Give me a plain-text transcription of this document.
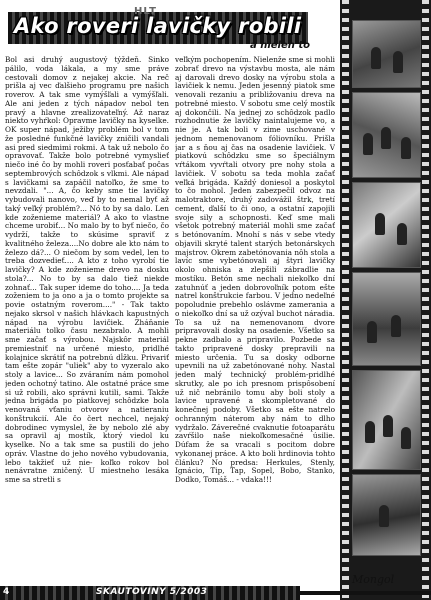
HLT
Ako roveri lavičky robili
a nielen to
Bol asi druhý augustový týždeň. Sinko pálilo, voda lákala, a my sme práve cestovali domov z nejakej akcie. Na reč prišla aj vec ďalšieho programu pre našich roverov. A tak sme vymýšľali a vymýšľali. Ale ani jeden z tých nápadov nebol ten pravý a hlavne zrealizovateľný. Až naraz niekto vyhŕkol: Opravme lavičky na kyselke. OK super nápad, ježiby problém bol v tom že posledné funkčné lavičky zničili vandali asi pred siedmimi rokmi. A tak už nebolo čo opravovať. Takže bolo potrebné vymyslieť niečo iné čo by mohli roveri posťabať počas septembrových schôdzok s vlkmi. Ale nápad s lavičkami sa zapáčil natoľko, že sme to nevzdali. "... A, čo keby sme tie lavičky vybudovali nanovo, veď by to nemal byť až taký veľký problém?... Nó to by sa dalo. Len kde zoženieme materiál? A ako to vlastne chceme urobiť... No malo by to byť niečo, čo vydrží, takže to skúsime spraviť z kvalitného železa....No dobre ale kto nám to železo dá?... O niečom by som vedel, len to treba dozvedieť.... A kto z toho vyrobí tie lavičky? A kde zoženieme drevo na dosku stola?... No to by sa dalo tiež niekde zohnať... Tak super ideme do toho.... Ja teda zoženiem to ja ono a ja o tomto projekte sa povie ostatným roverom...." - Tak takto nejako skrsol v našich hlávkach kapustných nápad na výrobu lavičiek. Zháňanie materiálu tolko času nezabralo. A mohli sme začať s výrobou. Najskôr materiál premiestniť na určené miesto, pridlhé kolajnice skrátiť na potrebnú dĺžku. Privariť tam ešte zopár "uliek" aby to vyzeralo ako stoly a lavice... So zváraním nám pomohol jeden ochotný tatino. Ale ostatné práce sme si už robili, ako správni kutili, sami. Takže jedna brigáda po piatkovej schôdzke bola venovaná vťaniu otvorov a natieraniu konštrukcií. Ale čo čert nechcel, nejaký dobrodinec vymyslel, že by nebolo zlé aby sa opravil aj mostík, ktorý viedol ku kyselke. No a tak sme sa pustili do jeho opráv. Vlastne do jeho nového vybudovania, lebo takžieť už nie- koľko rokov bol nenávratne zničený. U miestneho lesáka sme sa stretli s
veľkým pochopením. Nielenže sme si mohli zobrať drevo na výstavbu mosta, ale nám aj darovali drevo dosky na výrobu stola a lavičiek k nemu. Jeden jesenný piatok sme venovali rezaniu a približovaniu dreva na potrebné miesto. V sobotu sme celý mostík aj dokončili. Na jednej zo schôdzok padlo rozhodnutie že lavičky naintalujeme vo, a nie je. A tak boli v zime uschované v jednom nemenovanom fóliovníku. Prišla jar a s ňou aj čas na osadenie lavičiek. V piatkovú schôdzku sme so špeciálnym vŕtákom vyvŕtali otvory pre nohy stola a lavičiek. V sobotu sa teda mohla začať veľká brigáda. Každý doniesol a poskytol to čo mohol. Jeden zabezpečil odvoz na malotraktore, druhý zadovážil štrk, tretí cement, ďalší to či ono, a ostatní zapojili svoje sily a schopnosti. Keď sme mali všetok potrebný materiál mohli sme začať s betónovaním. Mnohí s nás v sebe vtedy objavili skryté talent starých betonárskych majstrov. Okrem zabetónovania nôh stola a lavíc sme vybetónovali aj štyri lavičky okolo ohniska a zlepšili zábradlie na mostíku. Betón sme nechali niekoľko dní zatuhnúť a jeden dobrovoľník potom ešte natrel konštrukcie farbou. V jedno nedeľné popoludnie prebehlo oslávme zamerania a o niekoľko dní sa už ozýval buchot náradia. To sa už na nemenovanom dvore pripravovali dosky na osadenie. Všetko sa pekne zadbalo a pripravilo. Pozbede sa takto pripravené dosky prepravili na miesto určenia. Tu sa dosky odborne upevnili na už zabetónované nohy. Nastal jeden malý technický problém-pridlhé skrutky, ale po ich presnom prispôsobení už nič nebránilo tomu aby boli stoly a lavice upravené a skompletované do konečnej podoby. Všetko sa ešte natrelo ochranným náterom aby nám to dlho vydržalo. Záverečné cvaknutie fotoaparátu zavŕšilo naše niekoľkomesačné úsilie. Dúfam že sa vracali s pocitom dobre vykonanej práce. A kto boli hrdinovia tohto článku? No predsa: Herkules, Stenly, Ignácio, Tip, Tap, Sopel, Bobo, Stanko, Dodko, Tomáš... - vdaka!!!
Mongol
4	SKAUTOVINY 5/2003
